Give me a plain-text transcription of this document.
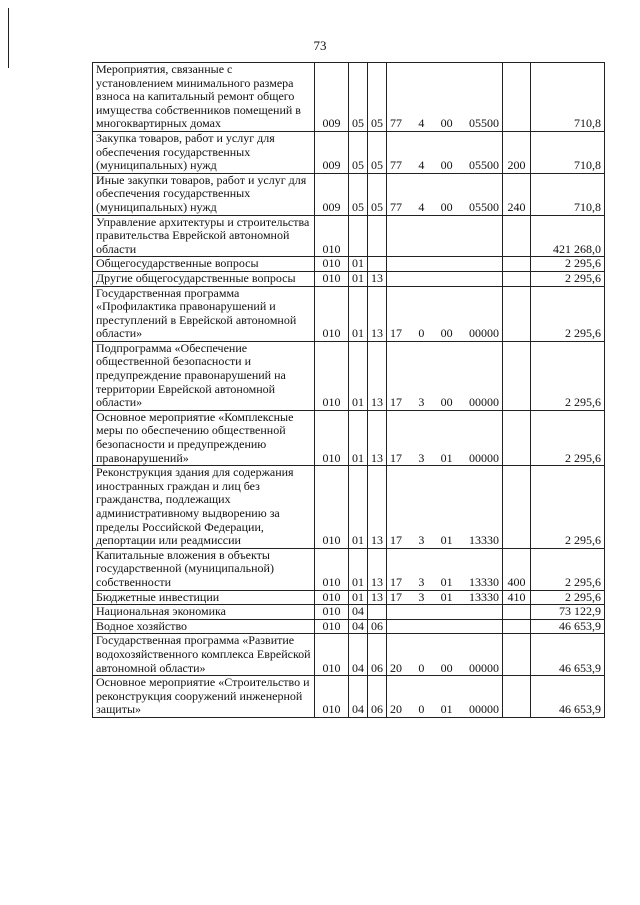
73
Мероприятия, связанные с установлением минимального размера взноса на капитальный ремонт общего имущества собственников помещений в многоквартирных домах	009	05	05	77 4 00 05500		710,8
Закупка товаров, работ и услуг для обеспечения государственных (муниципальных) нужд	009	05	05	77 4 00 05500	200	710,8
Иные закупки товаров, работ и услуг для обеспечения государственных (муниципальных) нужд	009	05	05	77 4 00 05500	240	710,8
Управление архитектуры и строительства правительства Еврейской автономной области	010					421 268,0
Общегосударственные вопросы	010	01				2 295,6
Другие общегосударственные вопросы	010	01	13			2 295,6
Государственная программа «Профилактика правонарушений и преступлений в Еврейской автономной области»	010	01	13	17 0 00 00000		2 295,6
Подпрограмма «Обеспечение общественной безопасности и предупреждение правонарушений на территории Еврейской автономной области»	010	01	13	17 3 00 00000		2 295,6
Основное мероприятие «Комплексные меры по обеспечению общественной безопасности и предупреждению правонарушений»	010	01	13	17 3 01 00000		2 295,6
Реконструкция здания для содержания иностранных граждан и лиц без гражданства, подлежащих административному выдворению за пределы Российской Федерации, депортации или реадмиссии	010	01	13	17 3 01 13330		2 295,6
Капитальные вложения в объекты государственной (муниципальной) собственности	010	01	13	17 3 01 13330	400	2 295,6
Бюджетные инвестиции	010	01	13	17 3 01 13330	410	2 295,6
Национальная экономика	010	04				73 122,9
Водное хозяйство	010	04	06			46 653,9
Государственная программа «Развитие водохозяйственного комплекса Еврейской автономной области»	010	04	06	20 0 00 00000		46 653,9
Основное мероприятие «Строительство и реконструкция сооружений инженерной защиты»	010	04	06	20 0 01 00000		46 653,9
